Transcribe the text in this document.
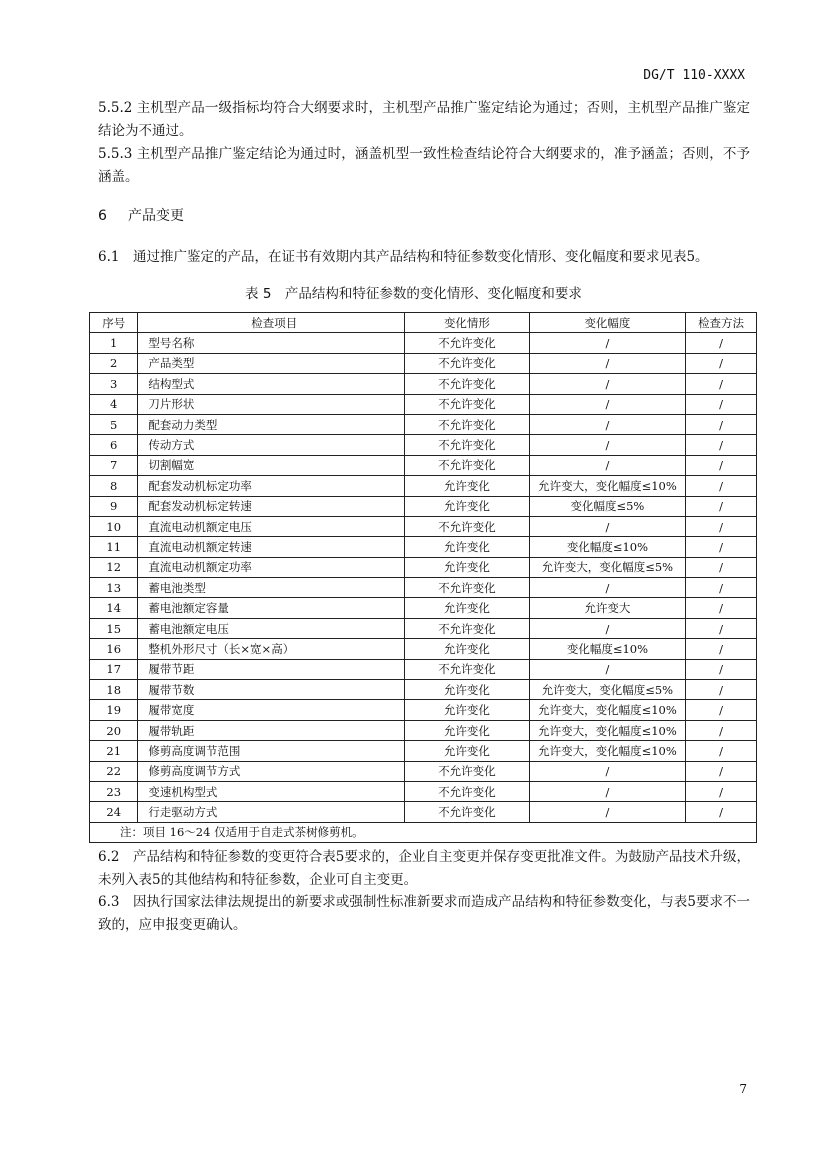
DG/T 110-XXXX
5.5.2 主机型产品一级指标均符合大纲要求时，主机型产品推广鉴定结论为通过；否则，主机型产品推广鉴定结论为不通过。
5.5.3 主机型产品推广鉴定结论为通过时，涵盖机型一致性检查结论符合大纲要求的，准予涵盖；否则，不予涵盖。
6 产品变更
6.1　通过推广鉴定的产品，在证书有效期内其产品结构和特征参数变化情形、变化幅度和要求见表5。
表 5　产品结构和特征参数的变化情形、变化幅度和要求
序号	检查项目	变化情形	变化幅度	检查方法
1	型号名称	不允许变化	/	/
2	产品类型	不允许变化	/	/
3	结构型式	不允许变化	/	/
4	刀片形状	不允许变化	/	/
5	配套动力类型	不允许变化	/	/
6	传动方式	不允许变化	/	/
7	切割幅宽	不允许变化	/	/
8	配套发动机标定功率	允许变化	允许变大，变化幅度≤10%	/
9	配套发动机标定转速	允许变化	变化幅度≤5%	/
10	直流电动机额定电压	不允许变化	/	/
11	直流电动机额定转速	允许变化	变化幅度≤10%	/
12	直流电动机额定功率	允许变化	允许变大，变化幅度≤5%	/
13	蓄电池类型	不允许变化	/	/
14	蓄电池额定容量	允许变化	允许变大	/
15	蓄电池额定电压	不允许变化	/	/
16	整机外形尺寸（长×宽×高）	允许变化	变化幅度≤10%	/
17	履带节距	不允许变化	/	/
18	履带节数	允许变化	允许变大，变化幅度≤5%	/
19	履带宽度	允许变化	允许变大，变化幅度≤10%	/
20	履带轨距	允许变化	允许变大，变化幅度≤10%	/
21	修剪高度调节范围	允许变化	允许变大，变化幅度≤10%	/
22	修剪高度调节方式	不允许变化	/	/
23	变速机构型式	不允许变化	/	/
24	行走驱动方式	不允许变化	/	/
注：项目 16～24 仅适用于自走式茶树修剪机。				
6.2　产品结构和特征参数的变更符合表5要求的，企业自主变更并保存变更批准文件。为鼓励产品技术升级，未列入表5的其他结构和特征参数，企业可自主变更。
6.3　因执行国家法律法规提出的新要求或强制性标准新要求而造成产品结构和特征参数变化，与表5要求不一致的，应申报变更确认。
7
